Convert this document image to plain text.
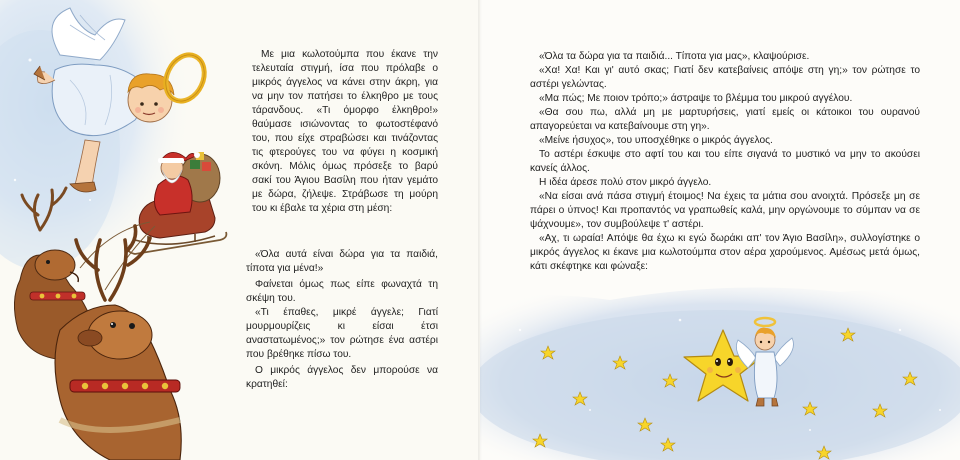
Με μια κωλοτούμπα που έκανε την τελευταία στιγμή, ίσα που πρόλαβε ο μικρός άγγελος να κάνει στην άκρη, για να μην τον πατήσει το έλκηθρο με τους τάρανδους. «Τι όμορφο έλκηθρο!» θαύμασε ισιώνοντας το φωτοστέφανό του, που είχε στραβώσει και τινάζοντας τις φτερούγες του να φύγει η κοσμική σκόνη. Μόλις όμως πρόσεξε το βαρύ σακί του Άγιου Βασίλη που ήταν γεμάτο με δώρα, ζήλεψε. Στράβωσε τη μούρη του κι έβαλε τα χέρια στη μέση:

«Όλα αυτά είναι δώρα για τα παιδιά, τίποτα για μένα!»

Φαίνεται όμως πως είπε φωναχτά τη σκέψη του.

«Τι έπαθες, μικρέ άγγελε; Γιατί μουρμουρίζεις κι είσαι έτσι αναστατωμένος;» τον ρώτησε ένα αστέρι που βρέθηκε πίσω του.

Ο μικρός άγγελος δεν μπορούσε να κρατηθεί:

«Όλα τα δώρα για τα παιδιά... Τίποτα για μας», κλαψούρισε.

«Χα! Χα! Και γι' αυτό σκας; Γιατί δεν κατεβαίνεις απόψε στη γη;» τον ρώτησε το αστέρι γελώντας.

«Μα πώς; Με ποιον τρόπο;» άστραψε το βλέμμα του μικρού αγγέλου.

«Θα σου πω, αλλά μη με μαρτυρήσεις, γιατί εμείς οι κάτοικοι του ουρανού απαγορεύεται να κατεβαίνουμε στη γη».

«Μείνε ήσυχος», του υποσχέθηκε ο μικρός άγγελος.

Το αστέρι έσκυψε στο αφτί του και του είπε σιγανά το μυστικό να μην το ακούσει κανείς άλλος.

Η ιδέα άρεσε πολύ στον μικρό άγγελο.

«Να είσαι ανά πάσα στιγμή έτοιμος! Να έχεις τα μάτια σου ανοιχτά. Πρόσεξε μη σε πάρει ο ύπνος! Και προπαντός να γραπωθείς καλά, μην οργώνουμε το σύμπαν να σε ψάχνουμε», τον συμβούλεψε τ' αστέρι.

«Αχ, τι ωραία! Απόψε θα έχω κι εγώ δωράκι απ' τον Άγιο Βασίλη», συλλογίστηκε ο μικρός άγγελος κι έκανε μια κωλοτούμπα στον αέρα χαρούμενος. Αμέσως μετά όμως, κάτι σκέφτηκε και φώναξε:
